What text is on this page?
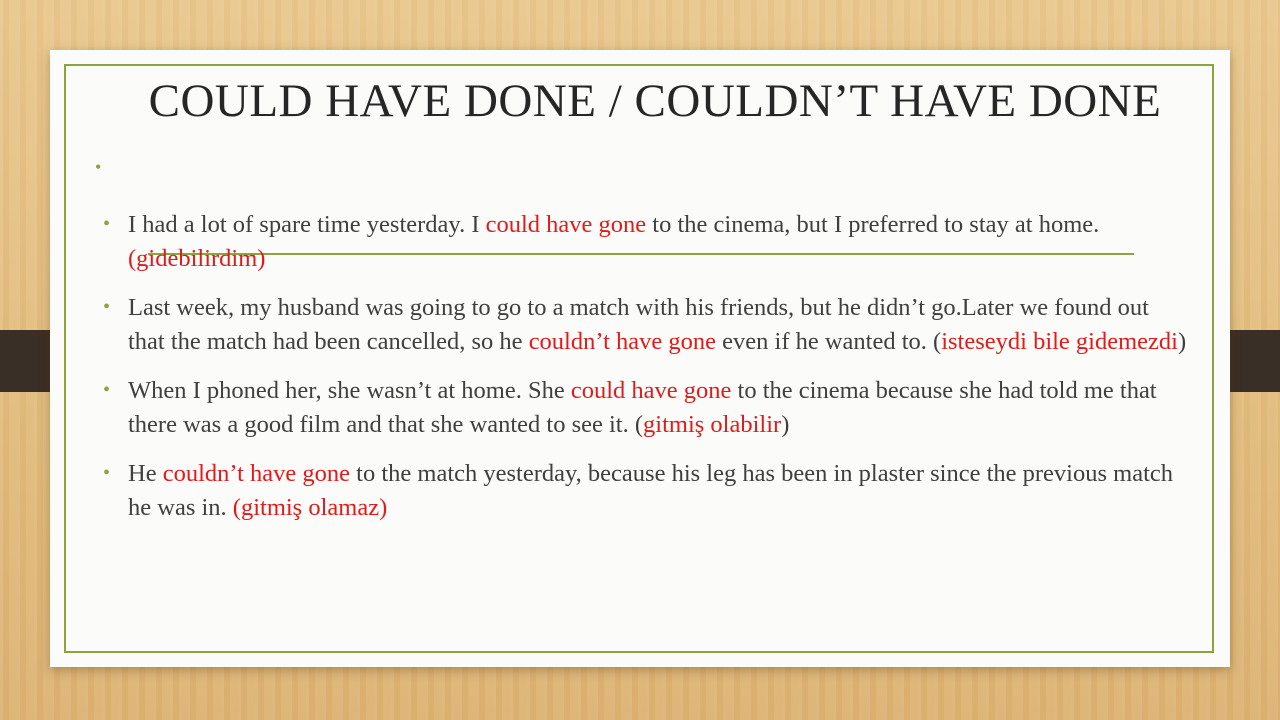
•
COULD HAVE DONE / COULDN’T HAVE DONE
• I had a lot of spare time yesterday. I could have gone to the cinema, but I preferred to stay at home. (gidebilirdim)
• Last week, my husband was going to go to a match with his friends, but he didn’t go.Later we found out that the match had been cancelled, so he couldn’t have gone even if he wanted to. (isteseydi bile gidemezdi)
• When I phoned her, she wasn’t at home. She could have gone to the cinema because she had told me that there was a good film and that she wanted to see it. (gitmiş olabilir)
• He couldn’t have gone to the match yesterday, because his leg has been in plaster since the previous match he was in. (gitmiş olamaz)
